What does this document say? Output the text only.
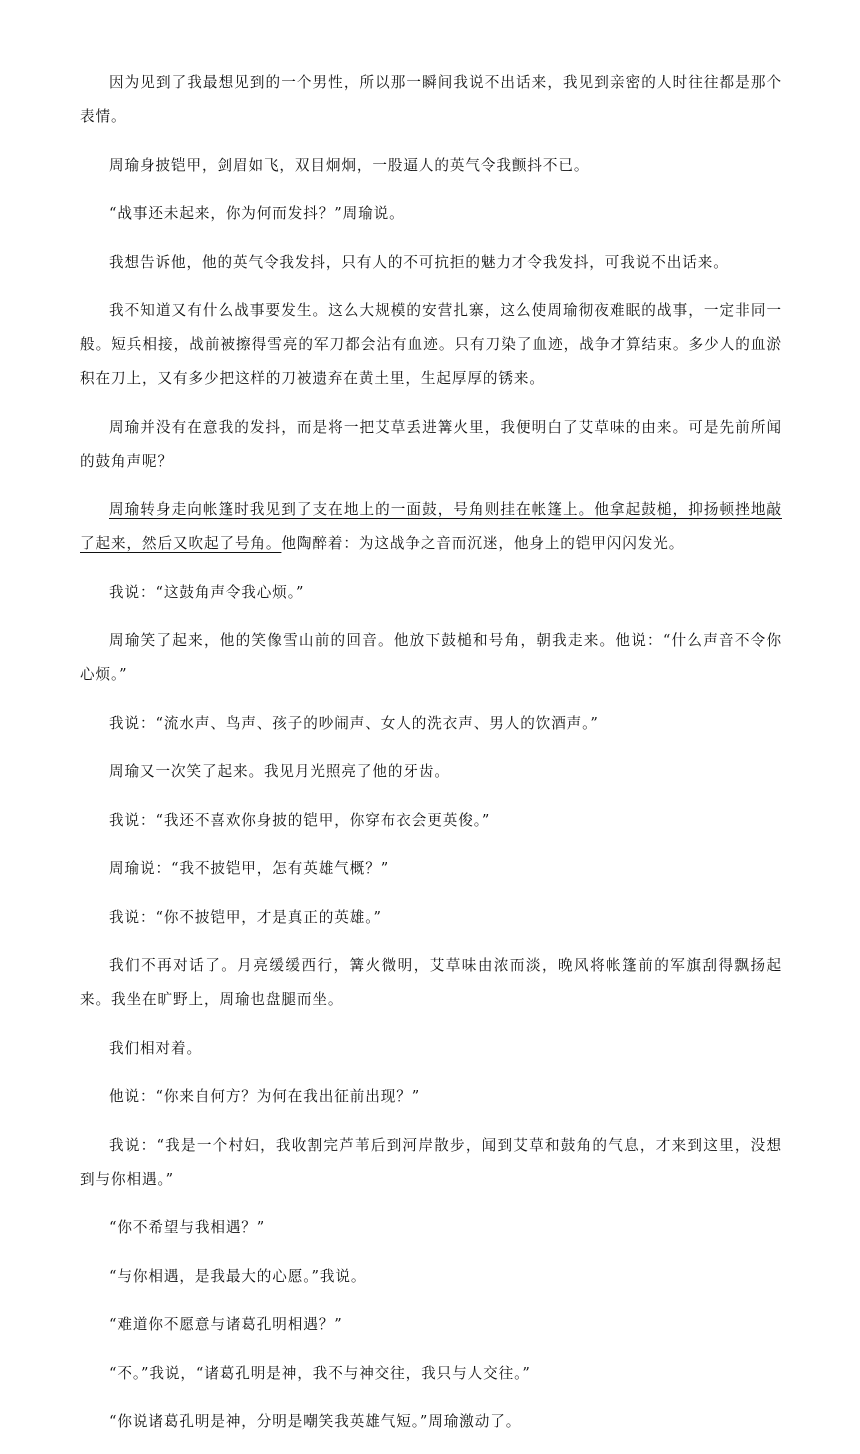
因为见到了我最想见到的一个男性，所以那一瞬间我说不出话来，我见到亲密的人时往往都是那个表情。

周瑜身披铠甲，剑眉如飞，双目炯炯，一股逼人的英气令我颤抖不已。

“战事还未起来，你为何而发抖？”周瑜说。

我想告诉他，他的英气令我发抖，只有人的不可抗拒的魅力才令我发抖，可我说不出话来。

我不知道又有什么战事要发生。这么大规模的安营扎寨，这么使周瑜彻夜难眠的战事，一定非同一般。短兵相接，战前被擦得雪亮的军刀都会沾有血迹。只有刀染了血迹，战争才算结束。多少人的血淤积在刀上，又有多少把这样的刀被遗弃在黄土里，生起厚厚的锈来。

周瑜并没有在意我的发抖，而是将一把艾草丢进篝火里，我便明白了艾草味的由来。可是先前所闻的鼓角声呢？

周瑜转身走向帐篷时我见到了支在地上的一面鼓，号角则挂在帐篷上。他拿起鼓槌，抑扬顿挫地敲了起来，然后又吹起了号角。他陶醉着：为这战争之音而沉迷，他身上的铠甲闪闪发光。

我说：“这鼓角声令我心烦。”

周瑜笑了起来，他的笑像雪山前的回音。他放下鼓槌和号角，朝我走来。他说：“什么声音不令你心烦。”

我说：“流水声、鸟声、孩子的吵闹声、女人的洗衣声、男人的饮酒声。”

周瑜又一次笑了起来。我见月光照亮了他的牙齿。

我说：“我还不喜欢你身披的铠甲，你穿布衣会更英俊。”

周瑜说：“我不披铠甲，怎有英雄气概？”

我说：“你不披铠甲，才是真正的英雄。”

我们不再对话了。月亮缓缓西行，篝火微明，艾草味由浓而淡，晚风将帐篷前的军旗刮得飘扬起来。我坐在旷野上，周瑜也盘腿而坐。

我们相对着。

他说：“你来自何方？为何在我出征前出现？”

我说：“我是一个村妇，我收割完芦苇后到河岸散步，闻到艾草和鼓角的气息，才来到这里，没想到与你相遇。”

“你不希望与我相遇？”

“与你相遇，是我最大的心愿。”我说。

“难道你不愿意与诸葛孔明相遇？”

“不。”我说，“诸葛孔明是神，我不与神交往，我只与人交往。”

“你说诸葛孔明是神，分明是嘲笑我英雄气短。”周瑜激动了。
